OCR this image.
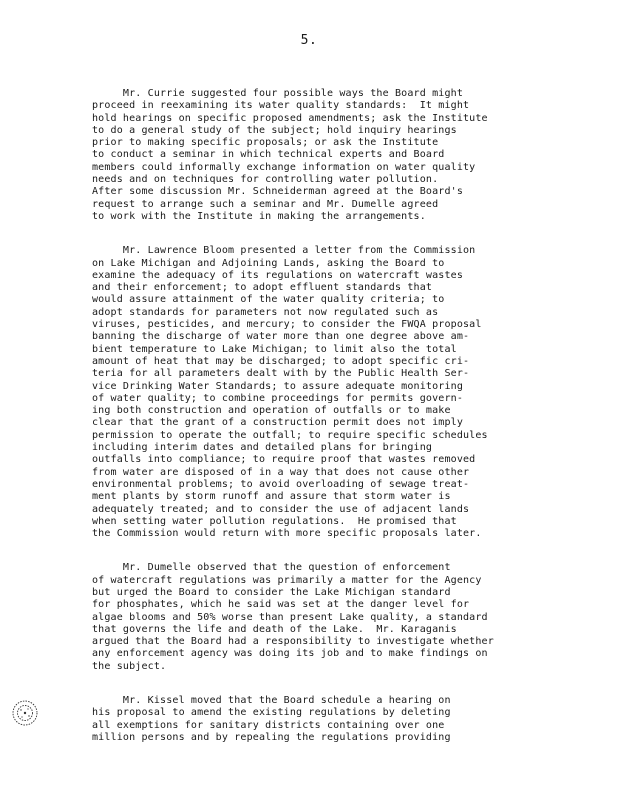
5.

Mr. Currie suggested four possible ways the Board might
proceed in reexamining its water quality standards:  It might
hold hearings on specific proposed amendments; ask the Institute
to do a general study of the subject; hold inquiry hearings
prior to making specific proposals; or ask the Institute
to conduct a seminar in which technical experts and Board
members could informally exchange information on water quality
needs and on techniques for controlling water pollution.
After some discussion Mr. Schneiderman agreed at the Board's
request to arrange such a seminar and Mr. Dumelle agreed
to work with the Institute in making the arrangements.

Mr. Lawrence Bloom presented a letter from the Commission
on Lake Michigan and Adjoining Lands, asking the Board to
examine the adequacy of its regulations on watercraft wastes
and their enforcement; to adopt effluent standards that
would assure attainment of the water quality criteria; to
adopt standards for parameters not now regulated such as
viruses, pesticides, and mercury; to consider the FWQA proposal
banning the discharge of water more than one degree above am-
bient temperature to Lake Michigan; to limit also the total
amount of heat that may be discharged; to adopt specific cri-
teria for all parameters dealt with by the Public Health Ser-
vice Drinking Water Standards; to assure adequate monitoring
of water quality; to combine proceedings for permits govern-
ing both construction and operation of outfalls or to make
clear that the grant of a construction permit does not imply
permission to operate the outfall; to require specific schedules
including interim dates and detailed plans for bringing
outfalls into compliance; to require proof that wastes removed
from water are disposed of in a way that does not cause other
environmental problems; to avoid overloading of sewage treat-
ment plants by storm runoff and assure that storm water is
adequately treated; and to consider the use of adjacent lands
when setting water pollution regulations.  He promised that
the Commission would return with more specific proposals later.

Mr. Dumelle observed that the question of enforcement
of watercraft regulations was primarily a matter for the Agency
but urged the Board to consider the Lake Michigan standard
for phosphates, which he said was set at the danger level for
algae blooms and 50% worse than present Lake quality, a standard
that governs the life and death of the Lake.  Mr. Karaganis
argued that the Board had a responsibility to investigate whether
any enforcement agency was doing its job and to make findings on
the subject.

Mr. Kissel moved that the Board schedule a hearing on
his proposal to amend the existing regulations by deleting
all exemptions for sanitary districts containing over one
million persons and by repealing the regulations providing
